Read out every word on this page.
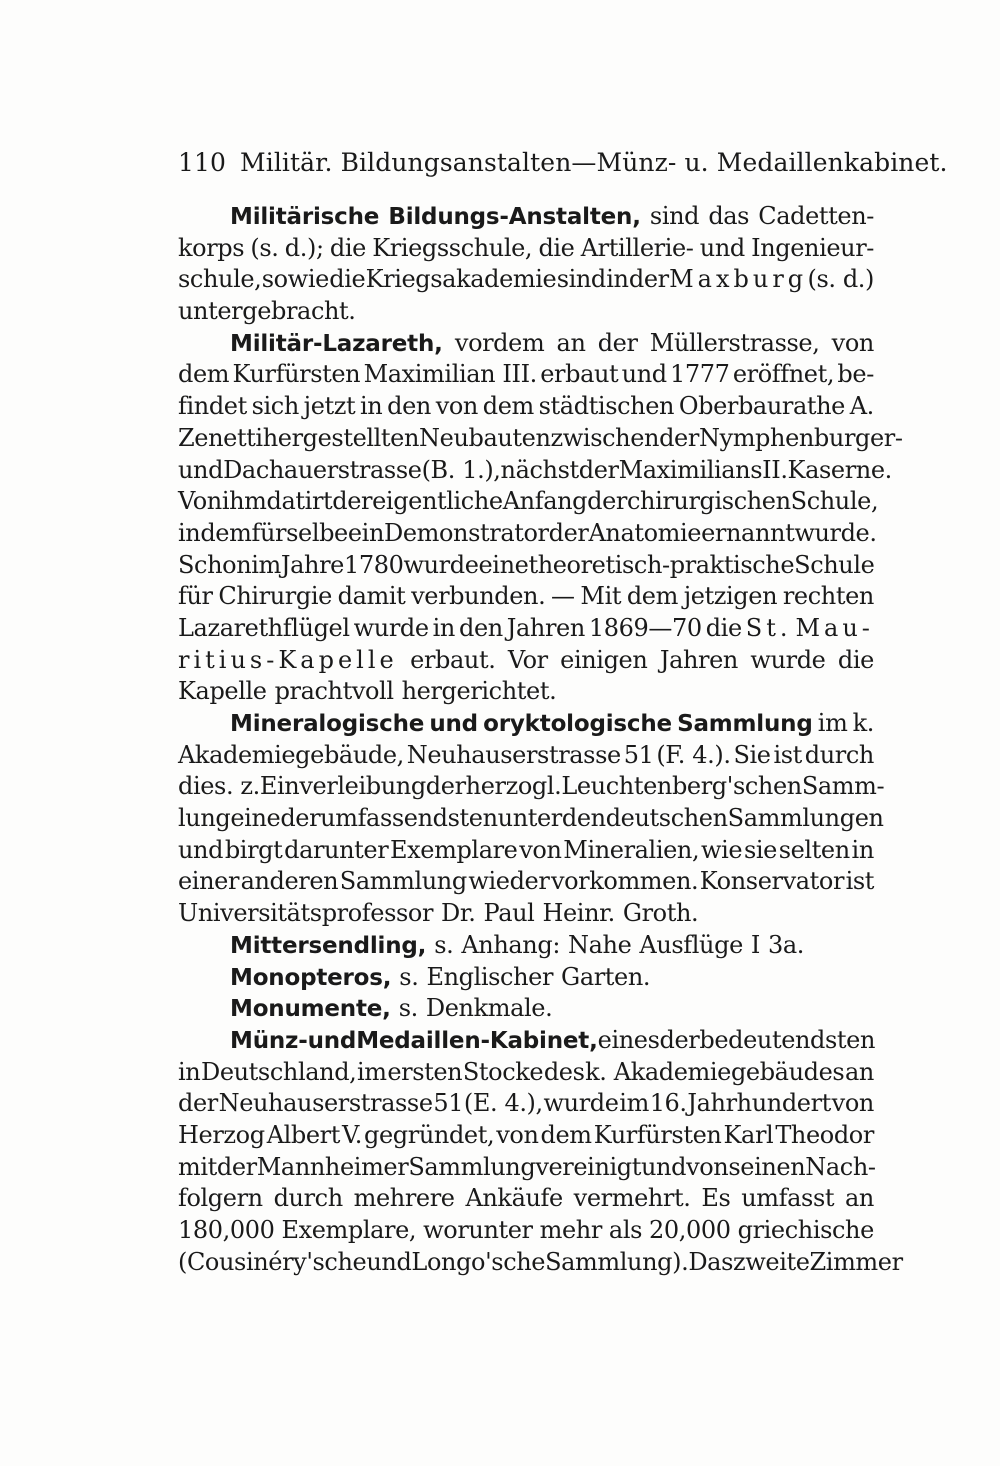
110 Militär. Bildungsanstalten—Münz- u. Medaillenkabinet.
Militärische Bildungs-Anstalten, sind das Cadetten-
korps (s. d.); die Kriegsschule, die Artillerie- und Ingenieur-
schule, sowie die Kriegsakademie sind in der Maxburg (s. d.)
untergebracht.
Militär-Lazareth, vordem an der Müllerstrasse, von
dem Kurfürsten Maximilian III. erbaut und 1777 eröffnet, be-
findet sich jetzt in den von dem städtischen Oberbaurathe A.
Zenetti hergestellten Neubauten zwischen der Nymphenburger-
und Dachauerstrasse (B. 1.), nächst der Maximilians II. Kaserne.
Von ihm datirt der eigentliche Anfang der chirurgischen Schule,
indem für selbe ein Demonstrator der Anatomie ernannt wurde.
Schon im Jahre 1780 wurde eine theoretisch-praktische Schule
für Chirurgie damit verbunden. — Mit dem jetzigen rechten
Lazarethflügel wurde in den Jahren 1869—70 die St. Mau-
ritius-Kapelle erbaut. Vor einigen Jahren wurde die
Kapelle prachtvoll hergerichtet.
Mineralogische und oryktologische Sammlung im k.
Akademiegebäude, Neuhauserstrasse 51 (F. 4.). Sie ist durch
die s. z. Einverleibung der herzogl. Leuchtenberg'schen Samm-
lung eine der umfassendsten unter den deutschen Sammlungen
und birgt darunter Exemplare von Mineralien, wie sie selten in
einer anderen Sammlung wieder vorkommen. Konservator ist
Universitätsprofessor Dr. Paul Heinr. Groth.
Mittersendling, s. Anhang: Nahe Ausflüge I 3a.
Monopteros, s. Englischer Garten.
Monumente, s. Denkmale.
Münz- und Medaillen-Kabinet, eines der bedeutendsten
in Deutschland, im ersten Stocke des k. Akademiegebäudes an
der Neuhauserstrasse 51 (E. 4.), wurde im 16. Jahrhundert von
Herzog Albert V. gegründet, von dem Kurfürsten Karl Theodor
mit der Mannheimer Sammlung vereinigt und von seinen Nach-
folgern durch mehrere Ankäufe vermehrt. Es umfasst an
180,000 Exemplare, worunter mehr als 20,000 griechische
(Cousinéry'sche und Longo'sche Sammlung). Das zweite Zimmer
